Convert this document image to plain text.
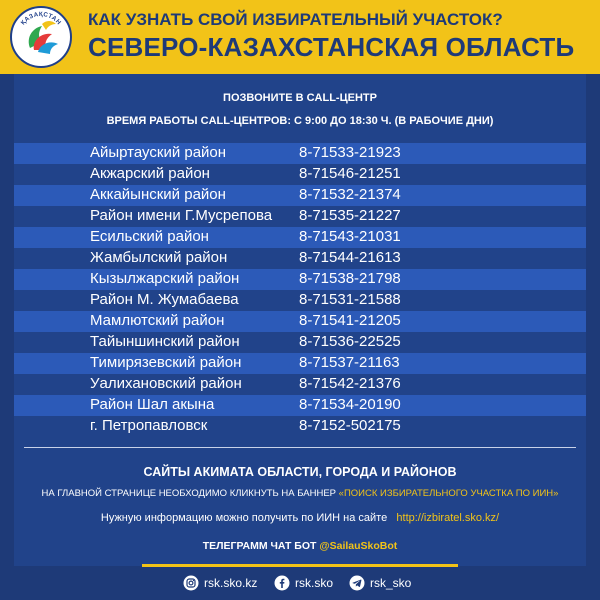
ҚАЗАҚСТАН КАК УЗНАТЬ СВОЙ ИЗБИРАТЕЛЬНЫЙ УЧАСТОК?
СЕВЕРО-КАЗАХСТАНСКАЯ ОБЛАСТЬ
ПОЗВОНИТЕ В CALL-ЦЕНТР
ВРЕМЯ РАБОТЫ CALL-ЦЕНТРОВ: С 9:00 ДО 18:30 Ч. (В РАБОЧИЕ ДНИ)
Айыртауский район	8-71533-21923
Акжарский район	8-71546-21251
Аккайынский район	8-71532-21374
Район имени Г.Мусрепова 8-71535-21227
Есильский район	8-71543-21031
Жамбылский район	8-71544-21613
Кызылжарский район	8-71538-21798
Район М. Жумабаева	8-71531-21588
Мамлютский район	8-71541-21205
Тайыншинский район	8-71536-22525
Тимирязевский район	8-71537-21163
Уалихановский район	8-71542-21376
Район Шал акына	8-71534-20190
г. Петропавловск	8-7152-502175
САЙТЫ АКИМАТА ОБЛАСТИ, ГОРОДА И РАЙОНОВ
НА ГЛАВНОЙ СТРАНИЦЕ НЕОБХОДИМО КЛИКНУТЬ НА БАННЕР «ПОИСК ИЗБИРАТЕЛЬНОГО УЧАСТКА ПО ИИН»
Нужную информацию можно получить по ИИН на сайте http://izbiratel.sko.kz/
ТЕЛЕГРАММ ЧАТ БОТ @SailauSkoBot
rsk.sko.kz	rsk.sko	rsk_sko
